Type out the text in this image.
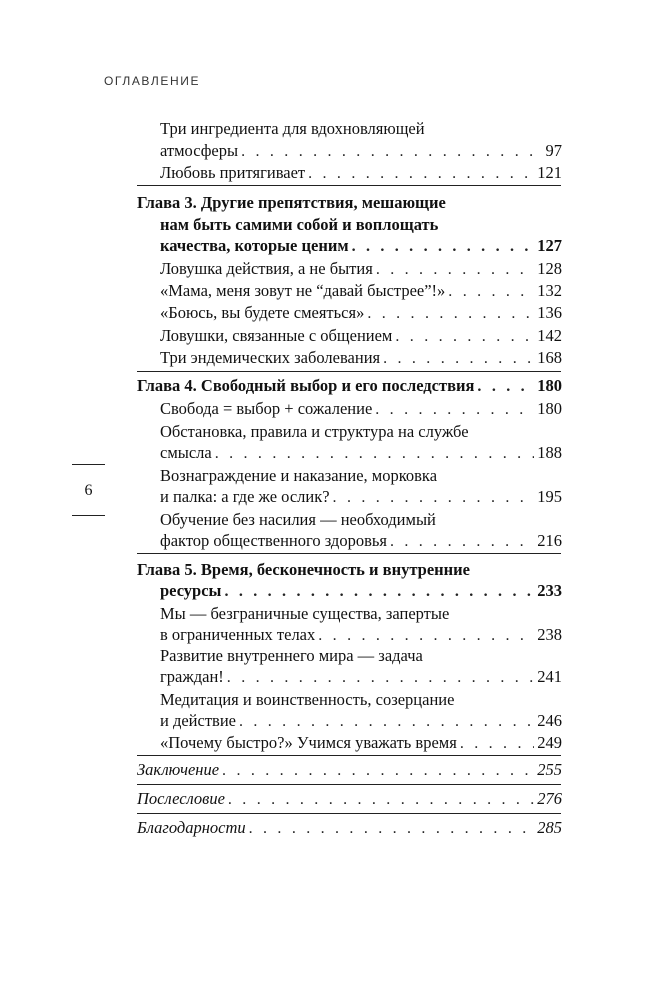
ОГЛАВЛЕНИЕ
6
Три ингредиента для вдохновляющей
атмосферы . . .	97
Любовь притягивает . . .	121
Глава 3. Другие препятствия, мешающие
нам быть самими собой и воплощать
качества, которые ценим . . .	127
Ловушка действия, а не бытия . . .	128
«Мама, меня зовут не “давай быстрее”!» . . .	132
«Боюсь, вы будете смеяться» . . .	136
Ловушки, связанные с общением . . .	142
Три эндемических заболевания . . .	168
Глава 4. Свободный выбор и его последствия . . .	180
Свобода = выбор + сожаление . . .	180
Обстановка, правила и структура на службе
смысла . . .	188
Вознаграждение и наказание, морковка
и палка: а где же ослик? . . .	195
Обучение без насилия — необходимый
фактор общественного здоровья . . .	216
Глава 5. Время, бесконечность и внутренние
ресурсы . . .	233
Мы — безграничные существа, запертые
в ограниченных телах . . .	238
Развитие внутреннего мира — задача
граждан! . . .	241
Медитация и воинственность, созерцание
и действие . . .	246
«Почему быстро?» Учимся уважать время . . .	249
Заключение . . .	255
Послесловие . . .	276
Благодарности . . .	285
